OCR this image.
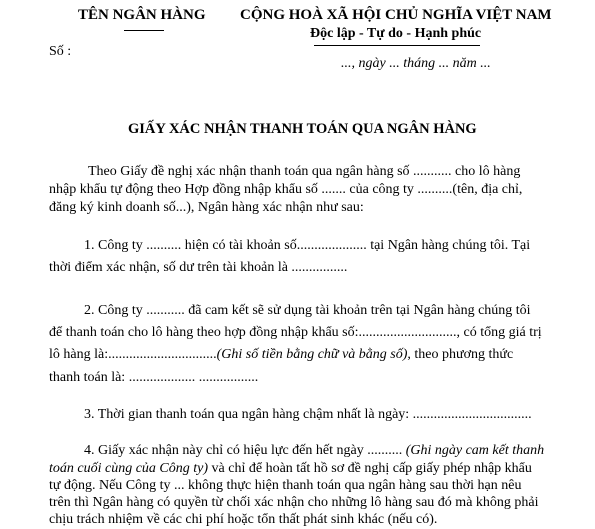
TÊN NGÂN HÀNG CỘNG HOÀ XÃ HỘI CHỦ NGHĨA VIỆT NAM
Độc lập - Tự do - Hạnh phúc
Số :
..., ngày ... tháng ... năm ...
GIẤY XÁC NHẬN THANH TOÁN QUA NGÂN HÀNG
Theo Giấy đề nghị xác nhận thanh toán qua ngân hàng số ........... cho lô hàng
nhập khẩu tự động theo Hợp đồng nhập khẩu số ....... của công ty ..........(tên, địa chỉ,
đăng ký kinh doanh số...), Ngân hàng xác nhận như sau:
1. Công ty .......... hiện có tài khoản số.................... tại Ngân hàng chúng tôi. Tại
thời điểm xác nhận, số dư trên tài khoản là ................
2. Công ty ........... đã cam kết sẽ sử dụng tài khoản trên tại Ngân hàng chúng tôi
để thanh toán cho lô hàng theo hợp đồng nhập khẩu số:............................, có tổng giá trị
lô hàng là:...............................(Ghi số tiền bằng chữ và bằng số), theo phương thức
thanh toán là: ................... .................
3. Thời gian thanh toán qua ngân hàng chậm nhất là ngày: ..................................
4. Giấy xác nhận này chỉ có hiệu lực đến hết ngày .......... (Ghi ngày cam kết thanh
toán cuối cùng của Công ty) và chỉ để hoàn tất hồ sơ đề nghị cấp giấy phép nhập khẩu
tự động. Nếu Công ty ... không thực hiện thanh toán qua ngân hàng sau thời hạn nêu
trên thì Ngân hàng có quyền từ chối xác nhận cho những lô hàng sau đó mà không phải
chịu trách nhiệm về các chi phí hoặc tổn thất phát sinh khác (nếu có).
